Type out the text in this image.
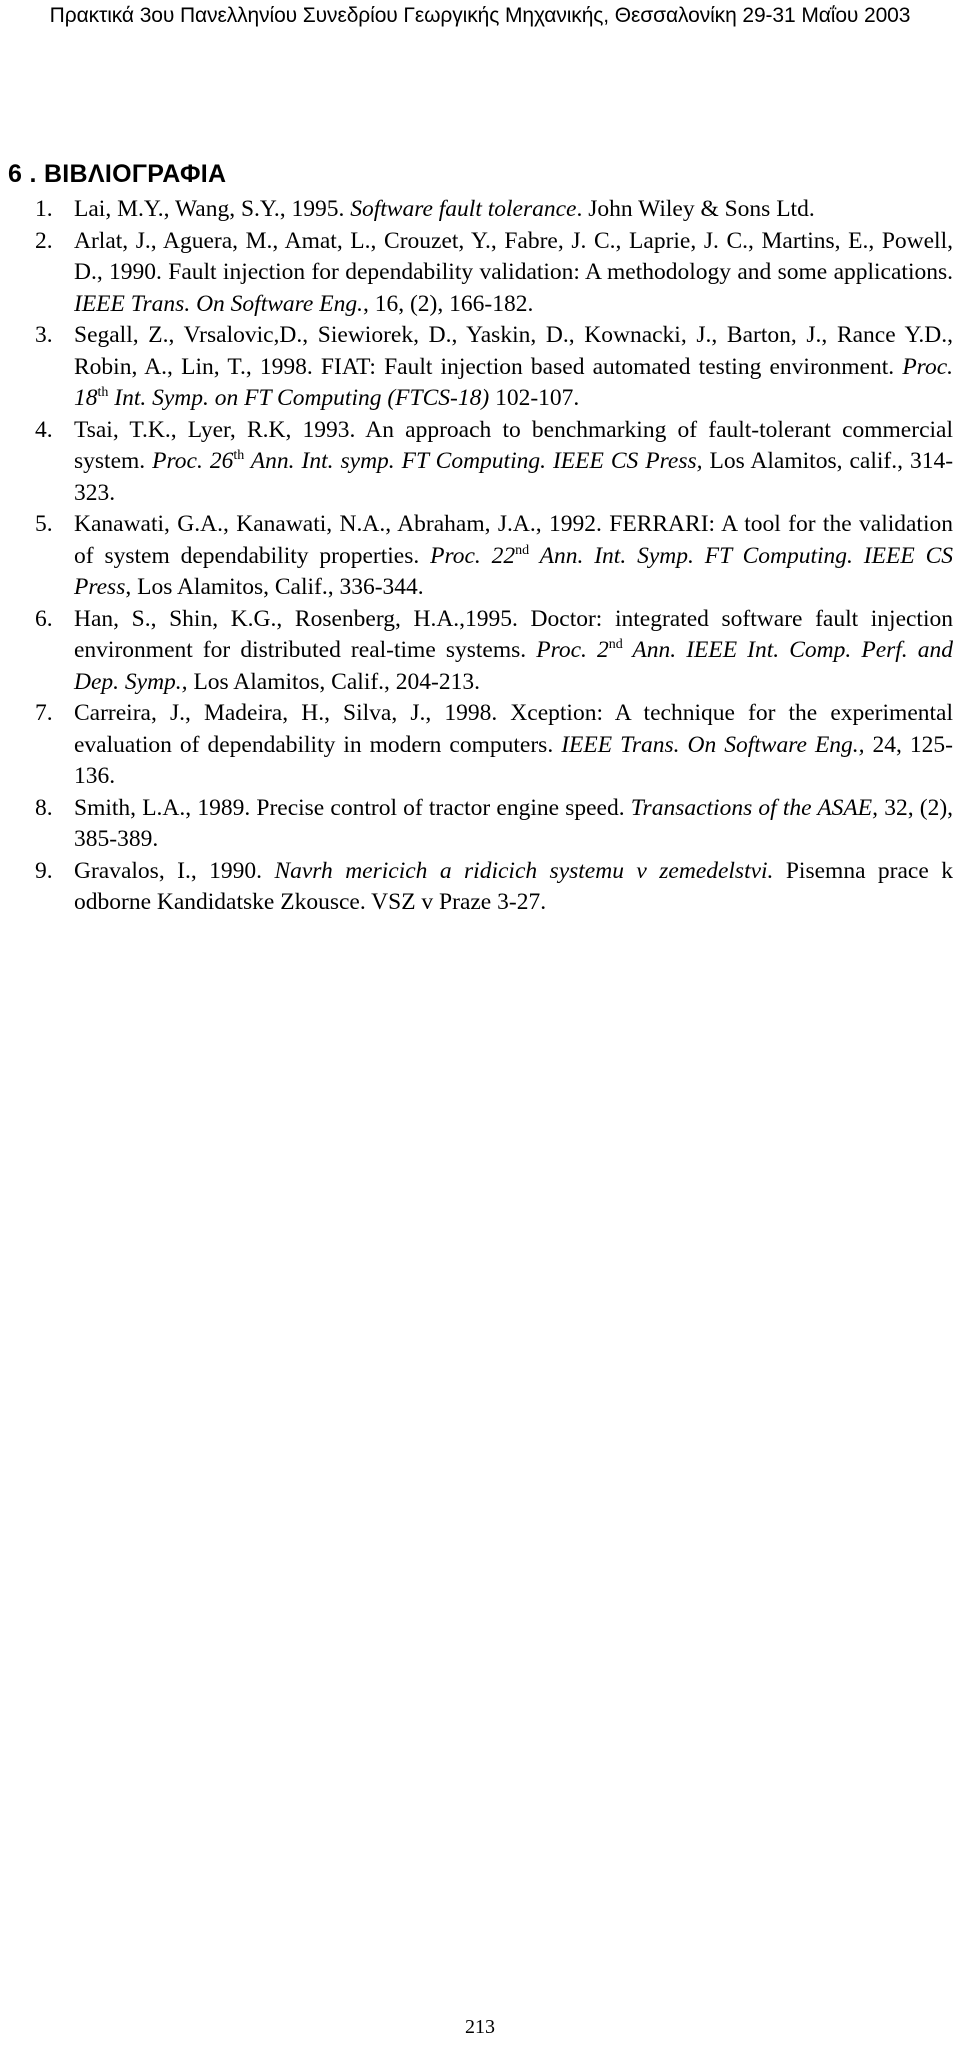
Πρακτικά 3ου Πανελληνίου Συνεδρίου Γεωργικής Μηχανικής, Θεσσαλονίκη 29-31 Μαΐου 2003
6 . ΒΙΒΛΙΟΓΡΑΦΙΑ
1. Lai, M.Y., Wang, S.Y., 1995. Software fault tolerance. John Wiley & Sons Ltd.
2. Arlat, J., Aguera, M., Amat, L., Crouzet, Y., Fabre, J. C., Laprie, J. C., Martins, E., Powell, D., 1990. Fault injection for dependability validation: A methodology and some applications. IEEE Trans. On Software Eng., 16, (2), 166-182.
3. Segall, Z., Vrsalovic,D., Siewiorek, D., Yaskin, D., Kownacki, J., Barton, J., Rance Y.D., Robin, A., Lin, T., 1998. FIAT: Fault injection based automated testing environment. Proc. 18th Int. Symp. on FT Computing (FTCS-18) 102-107.
4. Tsai, T.K., Lyer, R.K, 1993. An approach to benchmarking of fault-tolerant commercial system. Proc. 26th Ann. Int. symp. FT Computing. IEEE CS Press, Los Alamitos, calif., 314-323.
5. Kanawati, G.A., Kanawati, N.A., Abraham, J.A., 1992. FERRARI: A tool for the validation of system dependability properties. Proc. 22nd Ann. Int. Symp. FT Computing. IEEE CS Press, Los Alamitos, Calif., 336-344.
6. Han, S., Shin, K.G., Rosenberg, H.A.,1995. Doctor: integrated software fault injection environment for distributed real-time systems. Proc. 2nd Ann. IEEE Int. Comp. Perf. and Dep. Symp., Los Alamitos, Calif., 204-213.
7. Carreira, J., Madeira, H., Silva, J., 1998. Xception: A technique for the experimental evaluation of dependability in modern computers. IEEE Trans. On Software Eng., 24, 125-136.
8. Smith, L.A., 1989. Precise control of tractor engine speed. Transactions of the ASAE, 32, (2), 385-389.
9. Gravalos, I., 1990. Navrh mericich a ridicich systemu v zemedelstvi. Pisemna prace k odborne Kandidatske Zkousce. VSZ v Praze 3-27.
213
